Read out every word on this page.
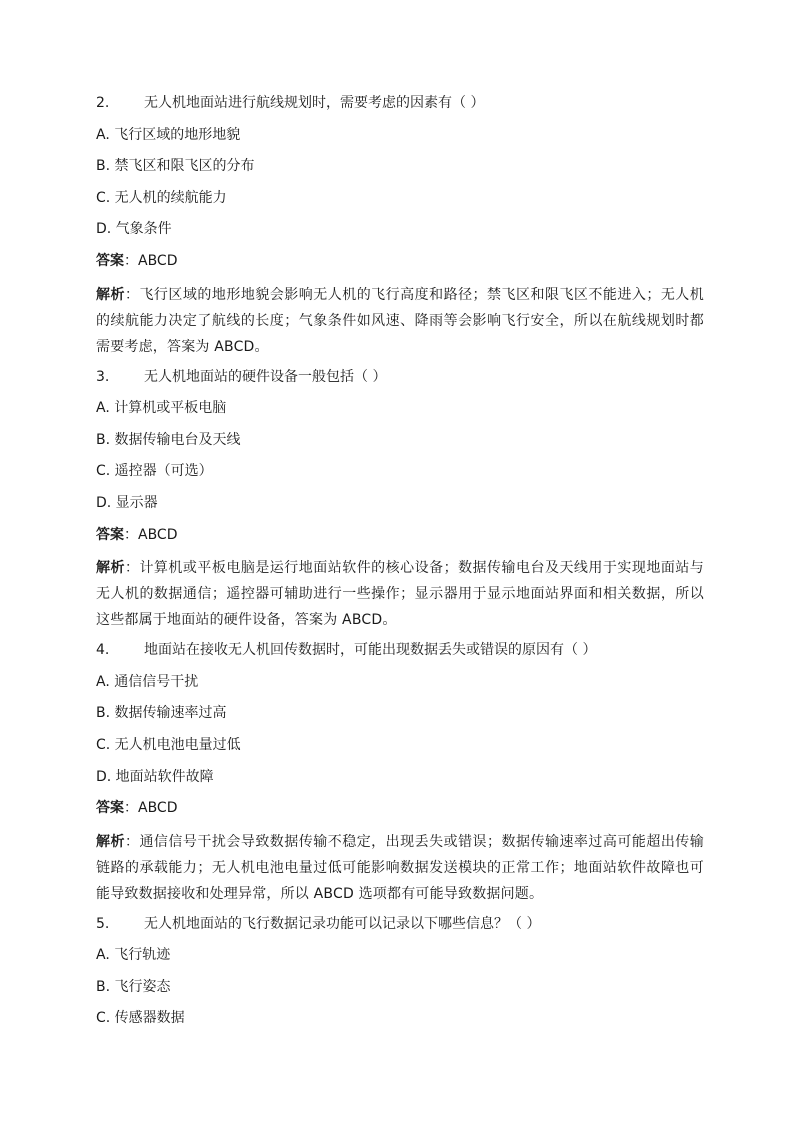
2. 无人机地面站进行航线规划时，需要考虑的因素有（ ）
A. 飞行区域的地形地貌
B. 禁飞区和限飞区的分布
C. 无人机的续航能力
D. 气象条件
答案：ABCD
解析：飞行区域的地形地貌会影响无人机的飞行高度和路径；禁飞区和限飞区不能进入；无人机的续航能力决定了航线的长度；气象条件如风速、降雨等会影响飞行安全，所以在航线规划时都需要考虑，答案为 ABCD。
3. 无人机地面站的硬件设备一般包括（ ）
A. 计算机或平板电脑
B. 数据传输电台及天线
C. 遥控器（可选）
D. 显示器
答案：ABCD
解析：计算机或平板电脑是运行地面站软件的核心设备；数据传输电台及天线用于实现地面站与无人机的数据通信；遥控器可辅助进行一些操作；显示器用于显示地面站界面和相关数据，所以这些都属于地面站的硬件设备，答案为 ABCD。
4. 地面站在接收无人机回传数据时，可能出现数据丢失或错误的原因有（ ）
A. 通信信号干扰
B. 数据传输速率过高
C. 无人机电池电量过低
D. 地面站软件故障
答案：ABCD
解析：通信信号干扰会导致数据传输不稳定，出现丢失或错误；数据传输速率过高可能超出传输链路的承载能力；无人机电池电量过低可能影响数据发送模块的正常工作；地面站软件故障也可能导致数据接收和处理异常，所以 ABCD 选项都有可能导致数据问题。
5. 无人机地面站的飞行数据记录功能可以记录以下哪些信息？（ ）
A. 飞行轨迹
B. 飞行姿态
C. 传感器数据
